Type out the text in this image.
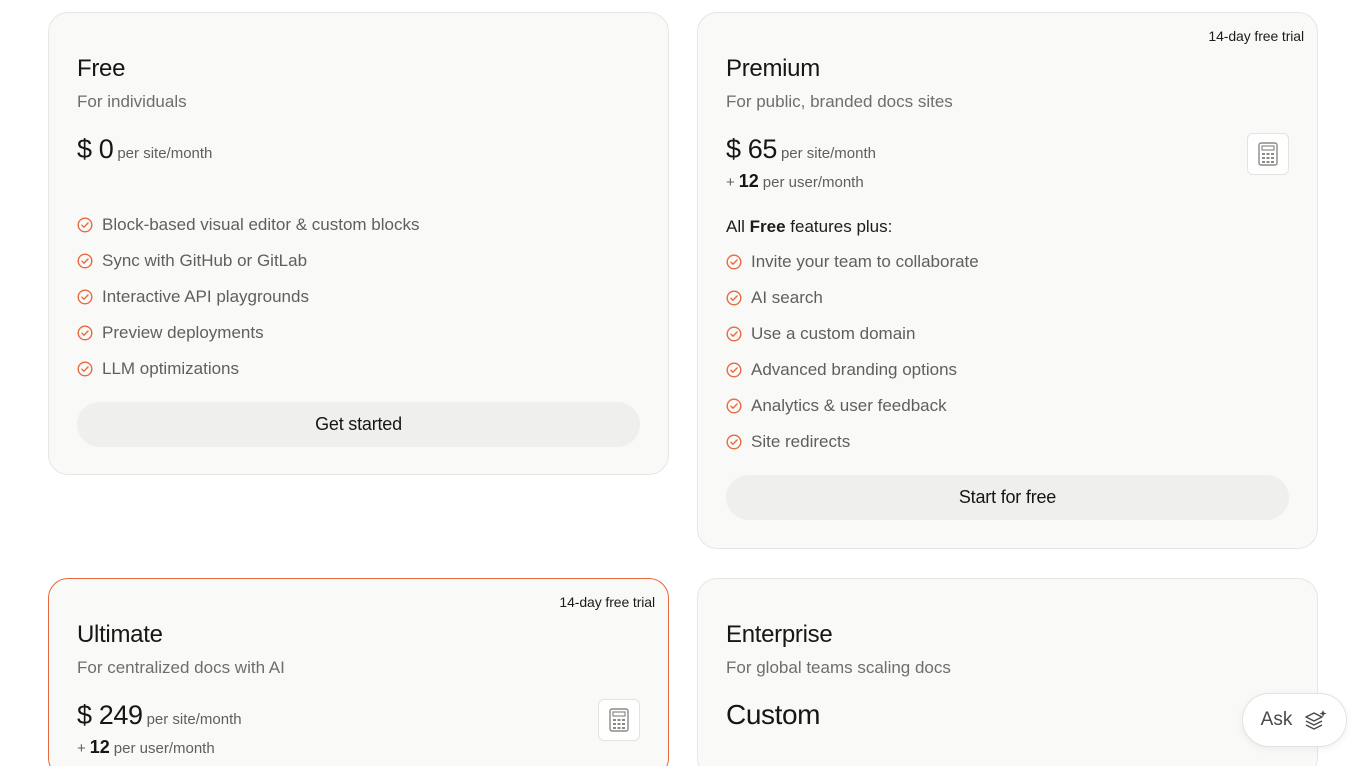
Free
For individuals
$ 0 per site/month
Block-based visual editor & custom blocks
Sync with GitHub or GitLab
Interactive API playgrounds
Preview deployments
LLM optimizations
Get started
14-day free trial
Premium
For public, branded docs sites
$ 65 per site/month
+ 12 per user/month
All Free features plus:
Invite your team to collaborate
AI search
Use a custom domain
Advanced branding options
Analytics & user feedback
Site redirects
Start for free
14-day free trial
Ultimate
For centralized docs with AI
$ 249 per site/month
+ 12 per user/month
Enterprise
For global teams scaling docs
Custom	Ask
